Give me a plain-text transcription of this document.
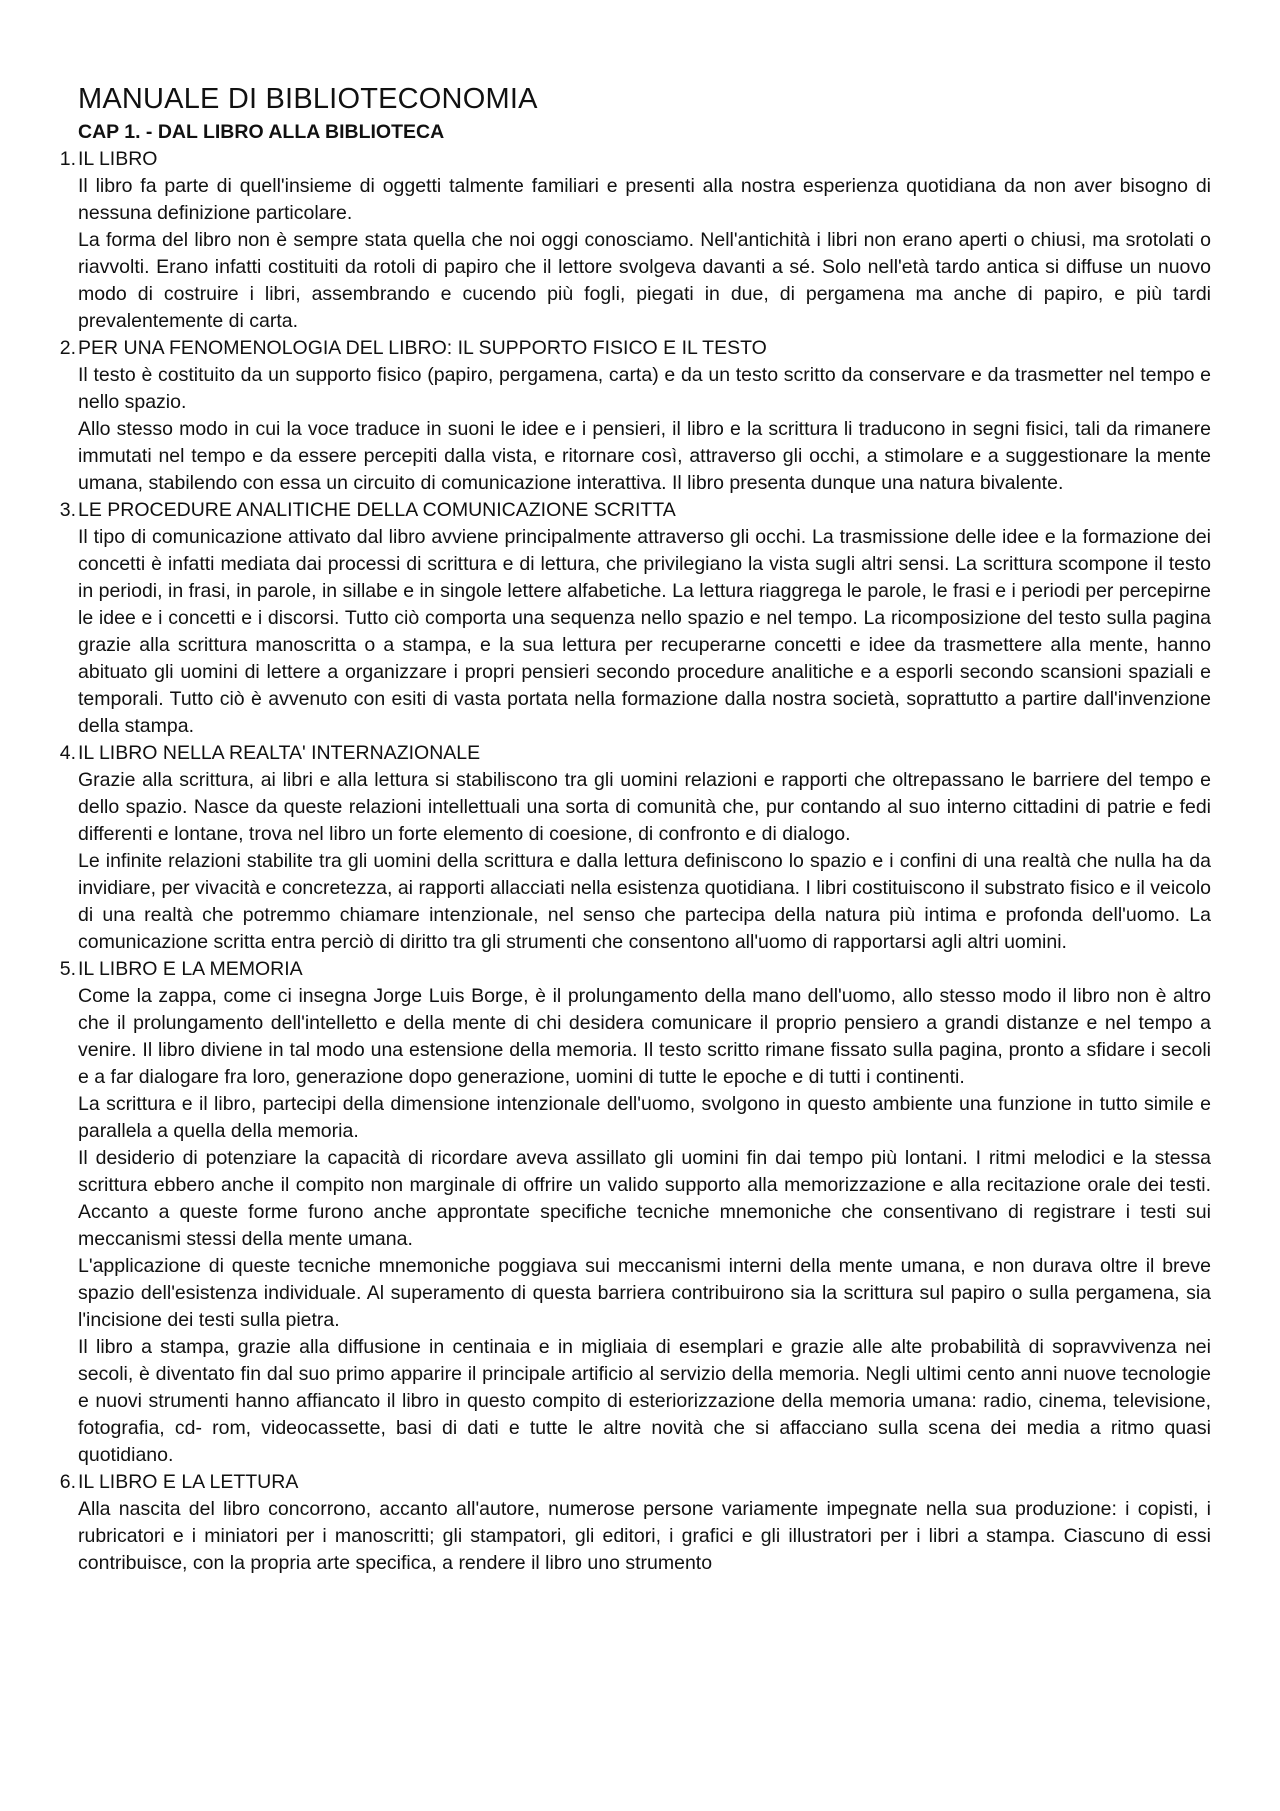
MANUALE DI BIBLIOTECONOMIA
CAP 1. - DAL LIBRO ALLA BIBLIOTECA
1. IL LIBRO

Il libro fa parte di quell'insieme di oggetti talmente familiari e presenti alla nostra esperienza quotidiana da non aver bisogno di nessuna definizione particolare.

La forma del libro non è sempre stata quella che noi oggi conosciamo. Nell'antichità i libri non erano aperti o chiusi, ma srotolati o riavvolti. Erano infatti costituiti da rotoli di papiro che il lettore svolgeva davanti a sé. Solo nell'età tardo antica si diffuse un nuovo modo di costruire i libri, assembrando e cucendo più fogli, piegati in due, di pergamena ma anche di papiro, e più tardi prevalentemente di carta.

2. PER UNA FENOMENOLOGIA DEL LIBRO: IL SUPPORTO FISICO E IL TESTO

Il testo è costituito da un supporto fisico (papiro, pergamena, carta) e da un testo scritto da conservare e da trasmetter nel tempo e nello spazio.

Allo stesso modo in cui la voce traduce in suoni le idee e i pensieri, il libro e la scrittura li traducono in segni fisici, tali da rimanere immutati nel tempo e da essere percepiti dalla vista, e ritornare così, attraverso gli occhi, a stimolare e a suggestionare la mente umana, stabilendo con essa un circuito di comunicazione interattiva. Il libro presenta dunque una natura bivalente.

3. LE PROCEDURE ANALITICHE DELLA COMUNICAZIONE SCRITTA

Il tipo di comunicazione attivato dal libro avviene principalmente attraverso gli occhi. La trasmissione delle idee e la formazione dei concetti è infatti mediata dai processi di scrittura e di lettura, che privilegiano la vista sugli altri sensi. La scrittura scompone il testo in periodi, in frasi, in parole, in sillabe e in singole lettere alfabetiche. La lettura riaggrega le parole, le frasi e i periodi per percepirne le idee e i concetti e i discorsi. Tutto ciò comporta una sequenza nello spazio e nel tempo. La ricomposizione del testo sulla pagina grazie alla scrittura manoscritta o a stampa, e la sua lettura per recuperarne concetti e idee da trasmettere alla mente, hanno abituato gli uomini di lettere a organizzare i propri pensieri secondo procedure analitiche e a esporli secondo scansioni spaziali e temporali. Tutto ciò è avvenuto con esiti di vasta portata nella formazione dalla nostra società, soprattutto a partire dall'invenzione della stampa.

4. IL LIBRO NELLA REALTA' INTERNAZIONALE

Grazie alla scrittura, ai libri e alla lettura si stabiliscono tra gli uomini relazioni e rapporti che oltrepassano le barriere del tempo e dello spazio. Nasce da queste relazioni intellettuali una sorta di comunità che, pur contando al suo interno cittadini di patrie e fedi differenti e lontane, trova nel libro un forte elemento di coesione, di confronto e di dialogo.

Le infinite relazioni stabilite tra gli uomini della scrittura e dalla lettura definiscono lo spazio e i confini di una realtà che nulla ha da invidiare, per vivacità e concretezza, ai rapporti allacciati nella esistenza quotidiana. I libri costituiscono il substrato fisico e il veicolo di una realtà che potremmo chiamare intenzionale, nel senso che partecipa della natura più intima e profonda dell'uomo. La comunicazione scritta entra perciò di diritto tra gli strumenti che consentono all'uomo di rapportarsi agli altri uomini.

5. IL LIBRO E LA MEMORIA

Come la zappa, come ci insegna Jorge Luis Borge, è il prolungamento della mano dell'uomo, allo stesso modo il libro non è altro che il prolungamento dell'intelletto e della mente di chi desidera comunicare il proprio pensiero a grandi distanze e nel tempo a venire. Il libro diviene in tal modo una estensione della memoria. Il testo scritto rimane fissato sulla pagina, pronto a sfidare i secoli e a far dialogare fra loro, generazione dopo generazione, uomini di tutte le epoche e di tutti i continenti.

La scrittura e il libro, partecipi della dimensione intenzionale dell'uomo, svolgono in questo ambiente una funzione in tutto simile e parallela a quella della memoria.

Il desiderio di potenziare la capacità di ricordare aveva assillato gli uomini fin dai tempo più lontani. I ritmi melodici e la stessa scrittura ebbero anche il compito non marginale di offrire un valido supporto alla memorizzazione e alla recitazione orale dei testi. Accanto a queste forme furono anche approntate specifiche tecniche mnemoniche che consentivano di registrare i testi sui meccanismi stessi della mente umana.

L'applicazione di queste tecniche mnemoniche poggiava sui meccanismi interni della mente umana, e non durava oltre il breve spazio dell'esistenza individuale. Al superamento di questa barriera contribuirono sia la scrittura sul papiro o sulla pergamena, sia l'incisione dei testi sulla pietra.

Il libro a stampa, grazie alla diffusione in centinaia e in migliaia di esemplari e grazie alle alte probabilità di sopravvivenza nei secoli, è diventato fin dal suo primo apparire il principale artificio al servizio della memoria. Negli ultimi cento anni nuove tecnologie e nuovi strumenti hanno affiancato il libro in questo compito di esteriorizzazione della memoria umana: radio, cinema, televisione, fotografia, cd- rom, videocassette, basi di dati e tutte le altre novità che si affacciano sulla scena dei media a ritmo quasi quotidiano.

6. IL LIBRO E LA LETTURA

Alla nascita del libro concorrono, accanto all'autore, numerose persone variamente impegnate nella sua produzione: i copisti, i rubricatori e i miniatori per i manoscritti; gli stampatori, gli editori, i grafici e gli illustratori per i libri a stampa. Ciascuno di essi contribuisce, con la propria arte specifica, a rendere il libro uno strumento
